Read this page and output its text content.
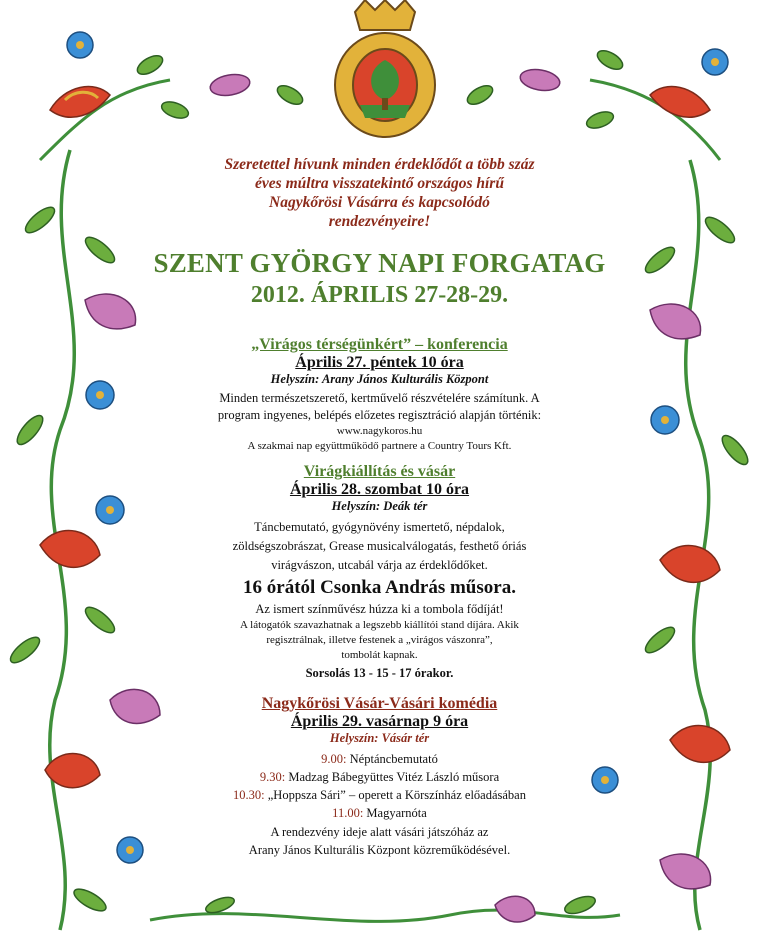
Szeretettel hívunk minden érdeklődőt a több száz
éves múltra visszatekintő országos hírű
Nagykőrösi Vásárra és kapcsolódó
rendezvényeire!
SZENT GYÖRGY NAPI FORGATAG
2012. ÁPRILIS 27-28-29.
„Virágos térségünkért” – konferencia
Április 27. péntek 10 óra
Helyszín: Arany János Kulturális Központ
Minden természetszerető, kertművelő részvételére számítunk. A
program ingyenes, belépés előzetes regisztráció alapján történik:
www.nagykoros.hu
A szakmai nap együttműködő partnere a Country Tours Kft.
Virágkiállítás és vásár
Április 28. szombat 10 óra
Helyszín: Deák tér
Táncbemutató, gyógynövény ismertető, népdalok,
zöldségszobrászat, Grease musicalválogatás, festhető óriás
virágvászon, utcabál várja az érdeklődőket.
16 órától Csonka András műsora.
Az ismert színművész húzza ki a tombola fődíját!
A látogatók szavazhatnak a legszebb kiállítói stand díjára. Akik
regisztrálnak, illetve festenek a „virágos vászonra”,
tombolát kapnak.
Sorsolás 13 - 15 - 17 órakor.
Nagykőrösi Vásár-Vásári komédia
Április 29. vasárnap 9 óra
Helyszín: Vásár tér
9.00: Néptáncbemutató
9.30: Madzag Bábegyüttes Vitéz László műsora
10.30: „Hoppsza Sári” – operett a Körszínház előadásában
11.00: Magyarnóta
A rendezvény ideje alatt vásári játszóház az
Arany János Kulturális Központ közreműködésével.
